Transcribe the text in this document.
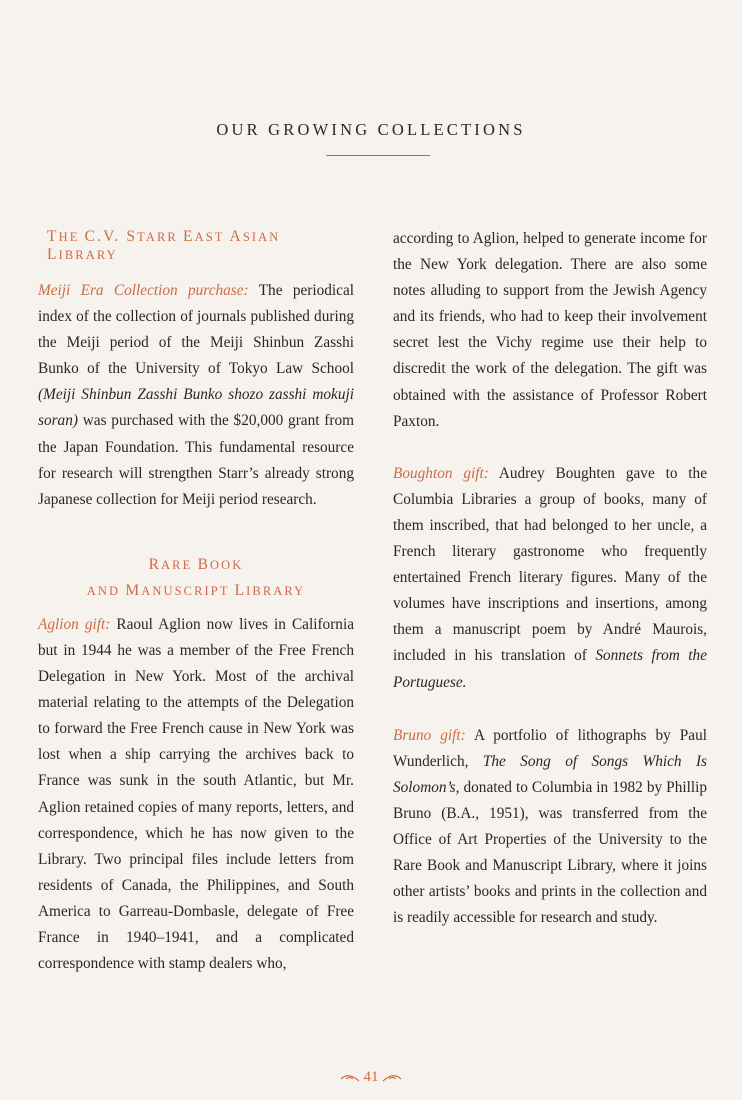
OUR GROWING COLLECTIONS
THE C.V. STARR EAST ASIAN LIBRARY

Meiji Era Collection purchase: The periodical index of the collection of journals published during the Meiji period of the Meiji Shinbun Zasshi Bunko of the University of Tokyo Law School (Meiji Shinbun Zasshi Bunko shozo zasshi mokuji soran) was purchased with the $20,000 grant from the Japan Foundation. This fundamental resource for research will strengthen Starr’s already strong Japanese collection for Meiji period research.

RARE BOOK
AND MANUSCRIPT LIBRARY

Aglion gift: Raoul Aglion now lives in California but in 1944 he was a member of the Free French Delegation in New York. Most of the archival material relating to the attempts of the Delegation to forward the Free French cause in New York was lost when a ship carrying the archives back to France was sunk in the south Atlantic, but Mr. Aglion retained copies of many reports, letters, and correspondence, which he has now given to the Library. Two principal files include letters from residents of Canada, the Philippines, and South America to Garreau-Dombasle, delegate of Free France in 1940–1941, and a complicated correspondence with stamp dealers who,

according to Aglion, helped to generate income for the New York delegation. There are also some notes alluding to support from the Jewish Agency and its friends, who had to keep their involvement secret lest the Vichy regime use their help to discredit the work of the delegation. The gift was obtained with the assistance of Professor Robert Paxton.

Boughton gift: Audrey Boughten gave to the Columbia Libraries a group of books, many of them inscribed, that had belonged to her uncle, a French literary gastronome who frequently entertained French literary figures. Many of the volumes have inscriptions and insertions, among them a manuscript poem by André Maurois, included in his translation of Sonnets from the Portuguese.

Bruno gift: A portfolio of lithographs by Paul Wunderlich, The Song of Songs Which Is Solomon’s, donated to Columbia in 1982 by Phillip Bruno (B.A., 1951), was transferred from the Office of Art Properties of the University to the Rare Book and Manuscript Library, where it joins other artists’ books and prints in the collection and is readily accessible for research and study.

41
